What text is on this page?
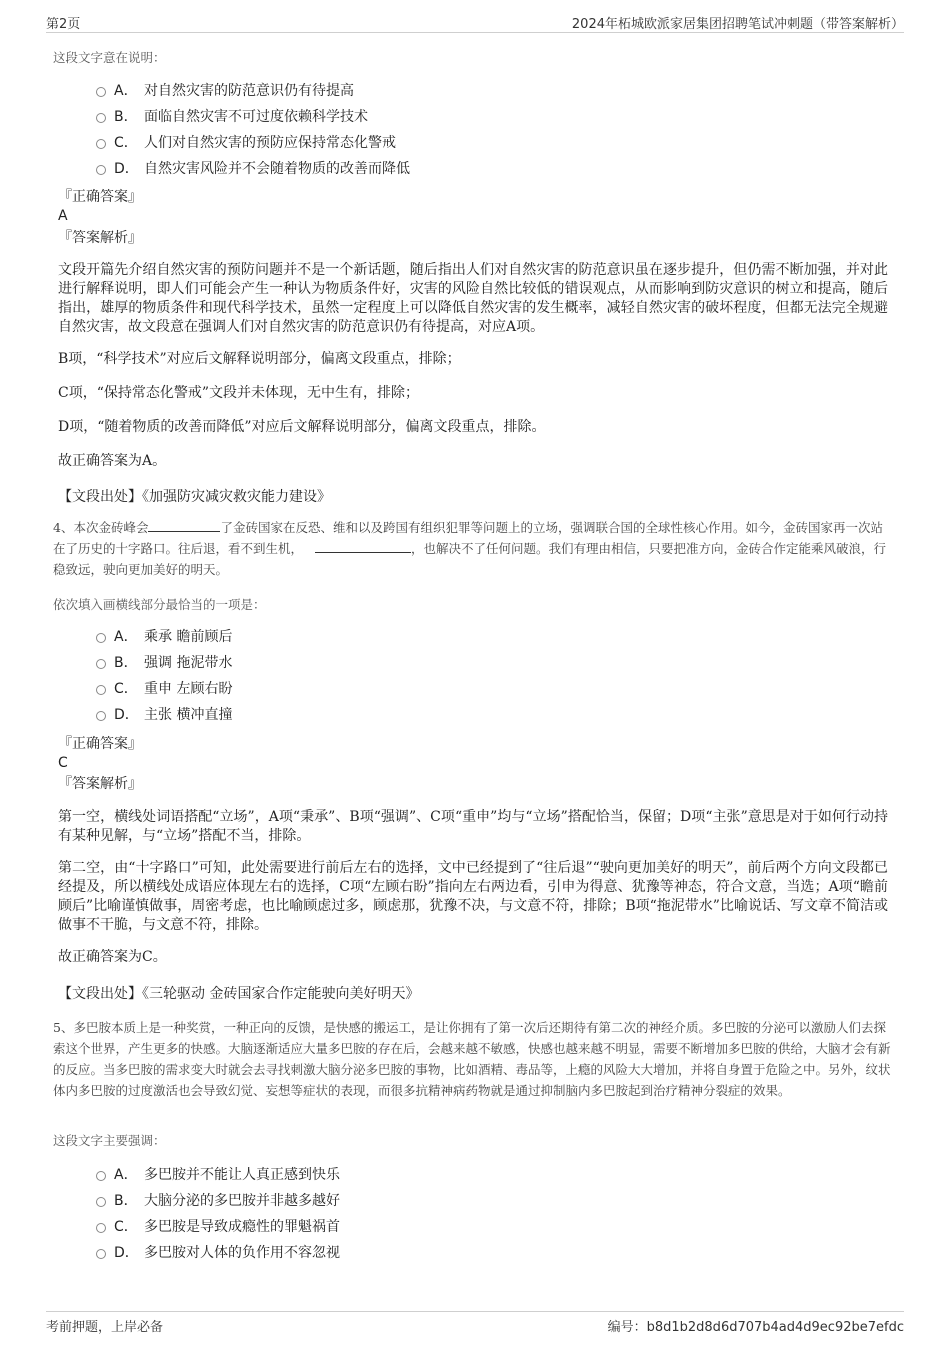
第2页	2024年柘城欧派家居集团招聘笔试冲刺题（带答案解析）
这段文字意在说明：
A． 对自然灾害的防范意识仍有待提高
B． 面临自然灾害不可过度依赖科学技术
C． 人们对自然灾害的预防应保持常态化警戒
D． 自然灾害风险并不会随着物质的改善而降低
『正确答案』
A
『答案解析』
文段开篇先介绍自然灾害的预防问题并不是一个新话题，随后指出人们对自然灾害的防范意识虽在逐步提升，但仍需不断加强，并对此进行解释说明，即人们可能会产生一种认为物质条件好，灾害的风险自然比较低的错误观点，从而影响到防灾意识的树立和提高，随后指出，雄厚的物质条件和现代科学技术，虽然一定程度上可以降低自然灾害的发生概率，减轻自然灾害的破坏程度，但都无法完全规避自然灾害，故文段意在强调人们对自然灾害的防范意识仍有待提高，对应A项。
B项，“科学技术”对应后文解释说明部分，偏离文段重点，排除；
C项，“保持常态化警戒”文段并未体现，无中生有，排除；
D项，“随着物质的改善而降低”对应后文解释说明部分，偏离文段重点，排除。
故正确答案为A。
【文段出处】《加强防灾减灾救灾能力建设》
4、本次金砖峰会	了金砖国家在反恐、维和以及跨国有组织犯罪等问题上的立场，强调联合国的全球性核心作用。如今，金砖国家再一次站在了历史的十字路口。往后退，看不到生机，	，也解决不了任何问题。我们有理由相信，只要把准方向，金砖合作定能乘风破浪，行稳致远，驶向更加美好的明天。
依次填入画横线部分最恰当的一项是：
A． 乘承 瞻前顾后
B． 强调 拖泥带水
C． 重申 左顾右盼
D． 主张 横冲直撞
『正确答案』
C
『答案解析』
第一空，横线处词语搭配“立场”，A项“秉承”、B项“强调”、C项“重申”均与“立场”搭配恰当，保留；D项“主张”意思是对于如何行动持有某种见解，与“立场”搭配不当，排除。
第二空，由“十字路口”可知，此处需要进行前后左右的选择，文中已经提到了“往后退”“驶向更加美好的明天”，前后两个方向文段都已经提及，所以横线处成语应体现左右的选择，C项“左顾右盼”指向左右两边看，引申为得意、犹豫等神态，符合文意，当选；A项“瞻前顾后”比喻谨慎做事，周密考虑，也比喻顾虑过多，顾虑那，犹豫不决，与文意不符，排除；B项“拖泥带水”比喻说话、写文章不简洁或做事不干脆，与文意不符，排除。
故正确答案为C。
【文段出处】《三轮驱动 金砖国家合作定能驶向美好明天》
5、多巴胺本质上是一种奖赏，一种正向的反馈，是快感的搬运工，是让你拥有了第一次后还期待有第二次的神经介质。多巴胺的分泌可以激励人们去探索这个世界，产生更多的快感。大脑逐渐适应大量多巴胺的存在后，会越来越不敏感，快感也越来越不明显，需要不断增加多巴胺的供给，大脑才会有新的反应。当多巴胺的需求变大时就会去寻找刺激大脑分泌多巴胺的事物，比如酒精、毒品等，上瘾的风险大大增加，并将自身置于危险之中。另外，纹状体内多巴胺的过度激活也会导致幻觉、妄想等症状的表现，而很多抗精神病药物就是通过抑制脑内多巴胺起到治疗精神分裂症的效果。
这段文字主要强调：
A． 多巴胺并不能让人真正感到快乐
B． 大脑分泌的多巴胺并非越多越好
C． 多巴胺是导致成瘾性的罪魁祸首
D． 多巴胺对人体的负作用不容忽视
考前押题，上岸必备	编号：b8d1b2d8d6d707b4ad4d9ec92be7efdc
